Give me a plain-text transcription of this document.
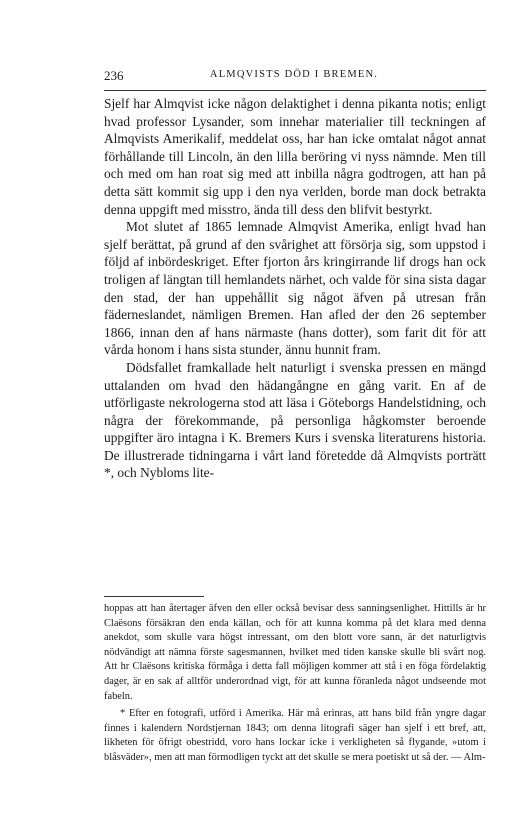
236	ALMQVISTS DÖD I BREMEN.

Sjelf har Almqvist icke någon delaktighet i denna pikanta notis; enligt hvad professor Lysander, som innehar materialier till teckningen af Almqvists Amerikalif, meddelat oss, har han icke omtalat något annat förhållande till Lincoln, än den lilla beröring vi nyss nämnde. Men till och med om han roat sig med att inbilla några godtrogen, att han på detta sätt kommit sig upp i den nya verlden, borde man dock betrakta denna uppgift med misstro, ända till dess den blifvit bestyrkt.

Mot slutet af 1865 lemnade Almqvist Amerika, enligt hvad han sjelf berättat, på grund af den svårighet att försörja sig, som uppstod i följd af inbördeskriget. Efter fjorton års kringirrande lif drogs han ock troligen af längtan till hemlandets närhet, och valde för sina sista dagar den stad, der han uppehållit sig något äfven på utresan från fäderneslandet, nämligen Bremen. Han afled der den 26 september 1866, innan den af hans närmaste (hans dotter), som farit dit för att vårda honom i hans sista stunder, ännu hunnit fram.

Dödsfallet framkallade helt naturligt i svenska pressen en mängd uttalanden om hvad den hädangångne en gång varit. En af de utförligaste nekrologerna stod att läsa i Göteborgs Handelstidning, och några der förekommande, på personliga hågkomster beroende uppgifter äro intagna i K. Bremers Kurs i svenska literaturens historia. De illustrerade tidningarna i vårt land företedde då Almqvists porträtt *, och Nybloms lite-

hoppas att han återtager äfven den eller också bevisar dess sanningsenlighet. Hittills är hr Claësons försäkran den enda källan, och för att kunna komma på det klara med denna anekdot, som skulle vara högst intressant, om den blott vore sann, är det naturligtvis nödvändigt att nämna förste sagesmannen, hvilket med tiden kanske skulle bli svårt nog. Att hr Claësons kritiska förmåga i detta fall möjligen kommer att stå i en föga fördelaktig dager, är en sak af alltför underordnad vigt, för att kunna föranleda något undseende mot fabeln.

* Efter en fotografi, utförd i Amerika. Här må erinras, att hans bild från yngre dagar finnes i kalendern Nordstjernan 1843; om denna litografi säger han sjelf i ett bref, att, likheten för öfrigt obestridd, voro hans lockar icke i verkligheten så flygande, »utom i blåsväder», men att man förmodligen tyckt att det skulle se mera poetiskt ut så der. — Alm-
